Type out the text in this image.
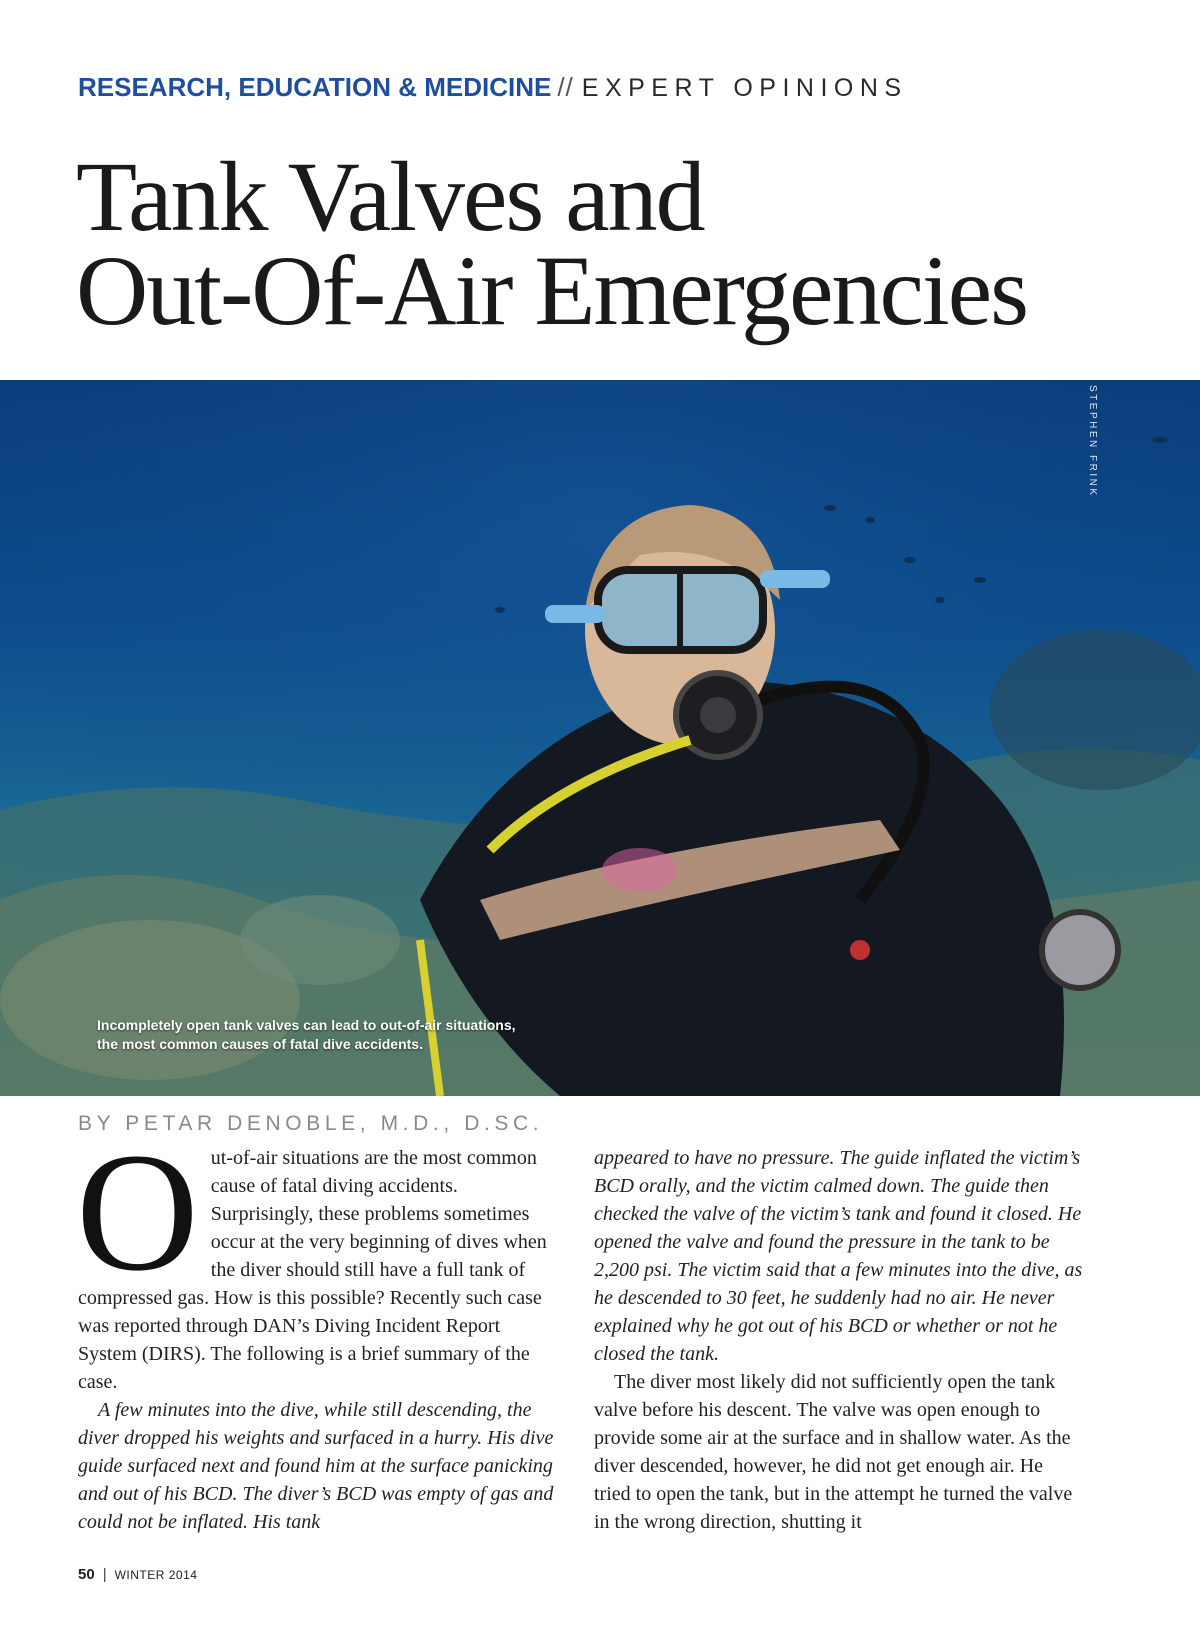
RESEARCH, EDUCATION & MEDICINE // EXPERT OPINIONS
Tank Valves and
Out-Of-Air Emergencies
STEPHEN FRINK
Incompletely open tank valves can lead to out-of-air situations,
the most common causes of fatal dive accidents.
BY PETAR DENOBLE, M.D., D.SC.
O ut-of-air situations are the most common cause of fatal diving accidents. Surprisingly, these problems sometimes occur at the very beginning of dives when the diver should still have a full tank of compressed gas. How is this possible? Recently such case was reported through DAN’s Diving Incident Report System (DIRS). The following is a brief summary of the case.

A few minutes into the dive, while still descending, the diver dropped his weights and surfaced in a hurry. His dive guide surfaced next and found him at the surface panicking and out of his BCD. The diver’s BCD was empty of gas and could not be inflated. His tank

appeared to have no pressure. The guide inflated the victim’s BCD orally, and the victim calmed down. The guide then checked the valve of the victim’s tank and found it closed. He opened the valve and found the pressure in the tank to be 2,200 psi. The victim said that a few minutes into the dive, as he descended to 30 feet, he suddenly had no air. He never explained why he got out of his BCD or whether or not he closed the tank.

The diver most likely did not sufficiently open the tank valve before his descent. The valve was open enough to provide some air at the surface and in shallow water. As the diver descended, however, he did not get enough air. He tried to open the tank, but in the attempt he turned the valve in the wrong direction, shutting it

50 | WINTER 2014
